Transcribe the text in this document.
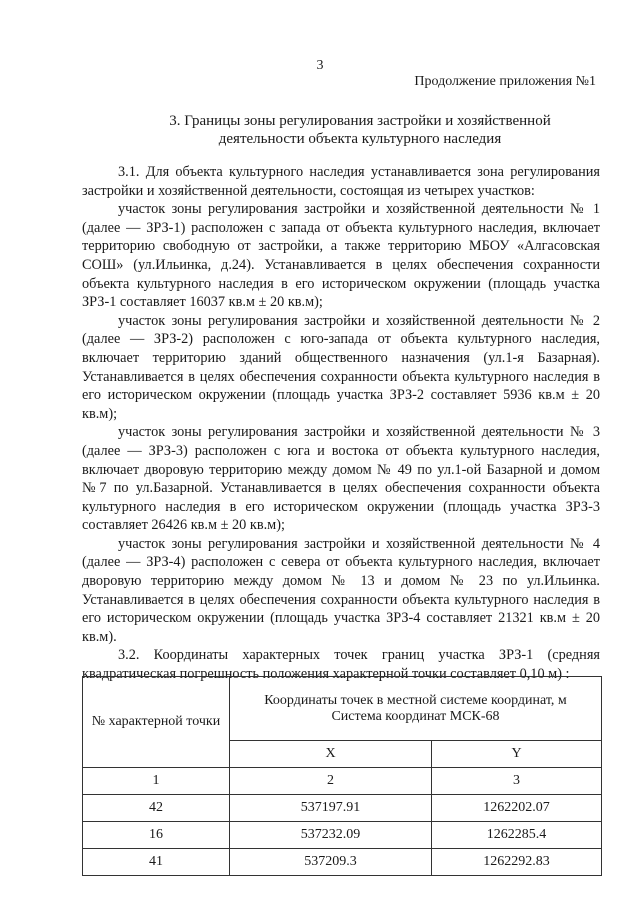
3
Продолжение приложения №1
3. Границы зоны регулирования застройки и хозяйственной
деятельности объекта культурного наследия

3.1. Для объекта культурного наследия устанавливается зона регулирования застройки и хозяйственной деятельности, состоящая из четырех участков:

участок зоны регулирования застройки и хозяйственной деятельности № 1 (далее — ЗРЗ-1) расположен с запада от объекта культурного наследия, включает территорию свободную от застройки, а также территорию МБОУ «Алгасовская СОШ» (ул.Ильинка, д.24). Устанавливается в целях обеспечения сохранности объекта культурного наследия в его историческом окружении (площадь участка ЗРЗ-1 составляет 16037 кв.м ± 20 кв.м);

участок зоны регулирования застройки и хозяйственной деятельности № 2 (далее — ЗРЗ-2) расположен с юго-запада от объекта культурного наследия, включает территорию зданий общественного назначения (ул.1-я Базарная). Устанавливается в целях обеспечения сохранности объекта культурного наследия в его историческом окружении (площадь участка ЗРЗ-2 составляет 5936 кв.м ± 20 кв.м);

участок зоны регулирования застройки и хозяйственной деятельности № 3 (далее — ЗРЗ-3) расположен с юга и востока от объекта культурного наследия, включает дворовую территорию между домом № 49 по ул.1-ой Базарной и домом №7 по ул.Базарной. Устанавливается в целях обеспечения сохранности объекта культурного наследия в его историческом окружении (площадь участка ЗРЗ-3 составляет 26426 кв.м ± 20 кв.м);

участок зоны регулирования застройки и хозяйственной деятельности № 4 (далее — ЗРЗ-4) расположен с севера от объекта культурного наследия, включает дворовую территорию между домом № 13 и домом № 23 по ул.Ильинка. Устанавливается в целях обеспечения сохранности объекта культурного наследия в его историческом окружении (площадь участка ЗРЗ-4 составляет 21321 кв.м ± 20 кв.м).

3.2. Координаты характерных точек границ участка ЗРЗ-1 (средняя квадратическая погрешность положения характерной точки составляет 0,10 м) :

№ характерной точки	Координаты точек в местной системе координат, м
Система координат МСК-68	

	X	Y
1	2	3
42	537197.91	1262202.07
16	537232.09	1262285.4
41	537209.3	1262292.83
